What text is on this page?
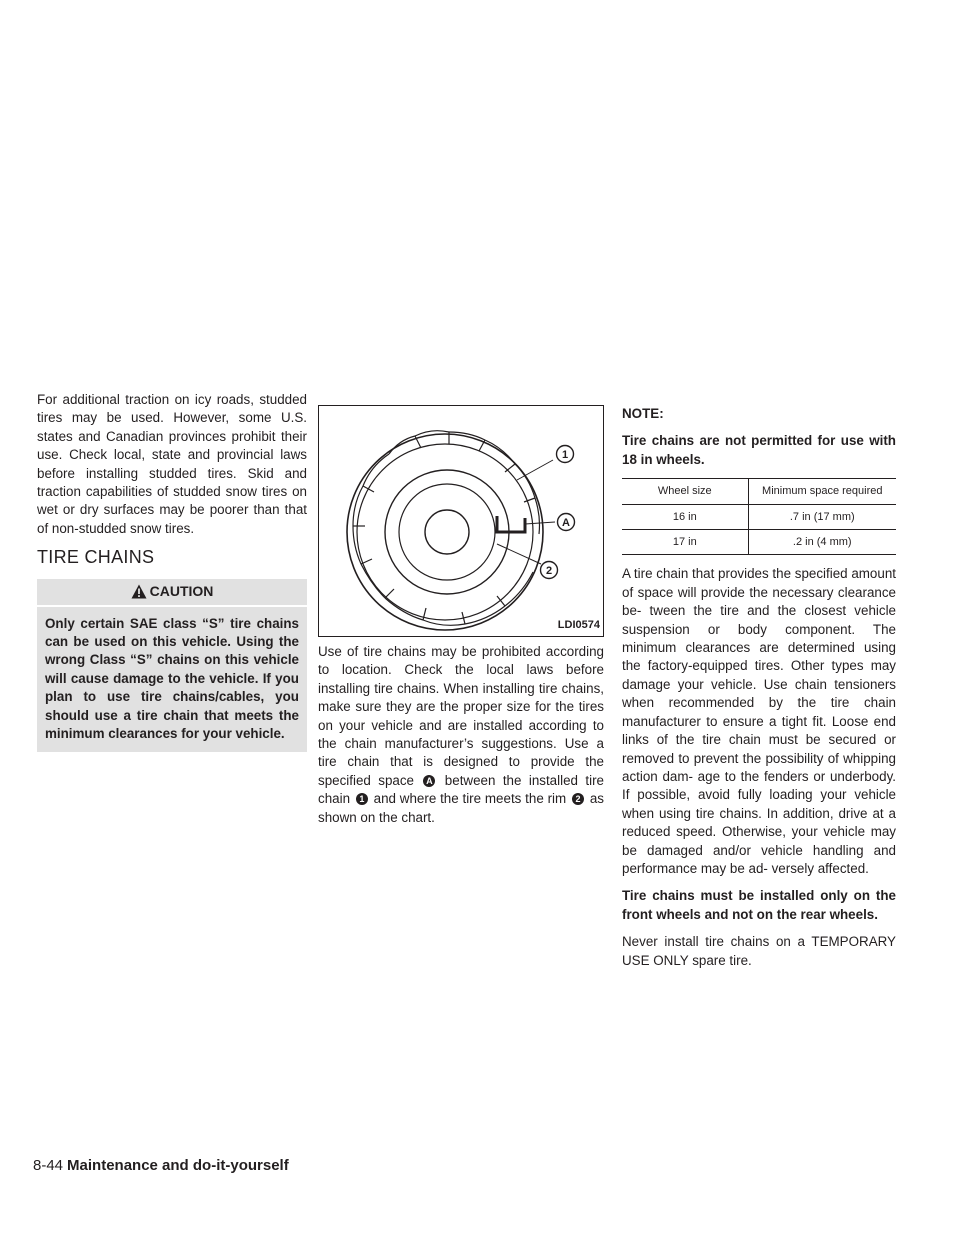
For additional traction on icy roads, studded tires may be used. However, some U.S. states and Canadian provinces prohibit their use. Check local, state and provincial laws before installing studded tires. Skid and traction capabilities of studded snow tires on wet or dry surfaces may be poorer than that of non-studded snow tires.

TIRE CHAINS
CAUTION
Only certain SAE class “S” tire chains can be used on this vehicle. Using the wrong Class “S” chains on this vehicle will cause damage to the vehicle. If you plan to use tire chains/cables, you should use a tire chain that meets the minimum clearances for your vehicle.
1
A
2
LDI0574

Use of tire chains may be prohibited according to location. Check the local laws before installing tire chains. When installing tire chains, make sure they are the proper size for the tires on your vehicle and are installed according to the chain manufacturer’s suggestions. Use a tire chain that is designed to provide the specified space A between the installed tire chain 1 and where the tire meets the rim 2 as shown on the chart.

NOTE:

Tire chains are not permitted for use with 18 in wheels.

Wheel size	Minimum space required
16 in	.7 in (17 mm)
17 in	.2 in (4 mm)

A tire chain that provides the specified amount of space will provide the necessary clearance be- tween the tire and the closest vehicle suspension or body component. The minimum clearances are determined using the factory-equipped tires. Other types may damage your vehicle. Use chain tensioners when recommended by the tire chain manufacturer to ensure a tight fit. Loose end links of the tire chain must be secured or removed to prevent the possibility of whipping action dam- age to the fenders or underbody. If possible, avoid fully loading your vehicle when using tire chains. In addition, drive at a reduced speed. Otherwise, your vehicle may be damaged and/or vehicle handling and performance may be ad- versely affected.

Tire chains must be installed only on the front wheels and not on the rear wheels.

Never install tire chains on a TEMPORARY USE ONLY spare tire.

8-44 Maintenance and do-it-yourself
